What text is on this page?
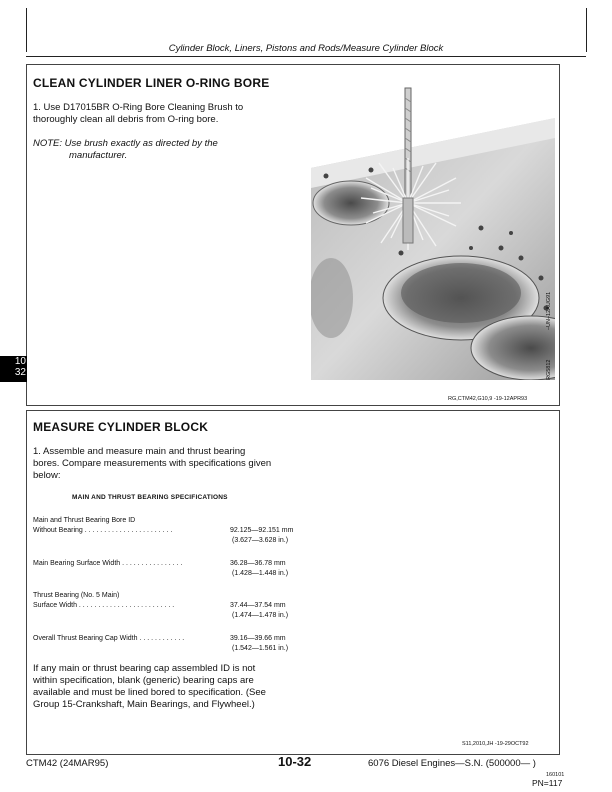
Cylinder Block, Liners, Pistons and Rods/Measure Cylinder Block
CLEAN CYLINDER LINER O-RING BORE
1. Use D17015BR O-Ring Bore Cleaning Brush to
thoroughly clean all debris from O-ring bore.
NOTE: Use brush exactly as directed by the
manufacturer.
–UN–12AUG91
RG5812
RG,CTM42,G10,9 -19-12APR93
10
32
MEASURE CYLINDER BLOCK
1. Assemble and measure main and thrust bearing
bores. Compare measurements with specifications given
below:
MAIN AND THRUST BEARING SPECIFICATIONS
Main and Thrust Bearing Bore ID
Without Bearing . . . . . . . . . . . . . . . . . . . . . . .	92.125—92.151 mm
(3.627—3.628 in.)
Main Bearing Surface Width . . . . . . . . . . . . . . . .	36.28—36.78 mm
(1.428—1.448 in.)
Thrust Bearing (No. 5 Main)
Surface Width . . . . . . . . . . . . . . . . . . . . . . . . .	37.44—37.54 mm
(1.474—1.478 in.)
Overall Thrust Bearing Cap Width . . . . . . . . . . . .	39.16—39.66 mm
(1.542—1.561 in.)
If any main or thrust bearing cap assembled ID is not
within specification, blank (generic) bearing caps are
available and must be lined bored to specification. (See
Group 15-Crankshaft, Main Bearings, and Flywheel.)
S11,2010,JH -19-29OCT92
CTM42 (24MAR95)	10-32	6076 Diesel Engines—S.N. (500000— )
160101
PN=117
